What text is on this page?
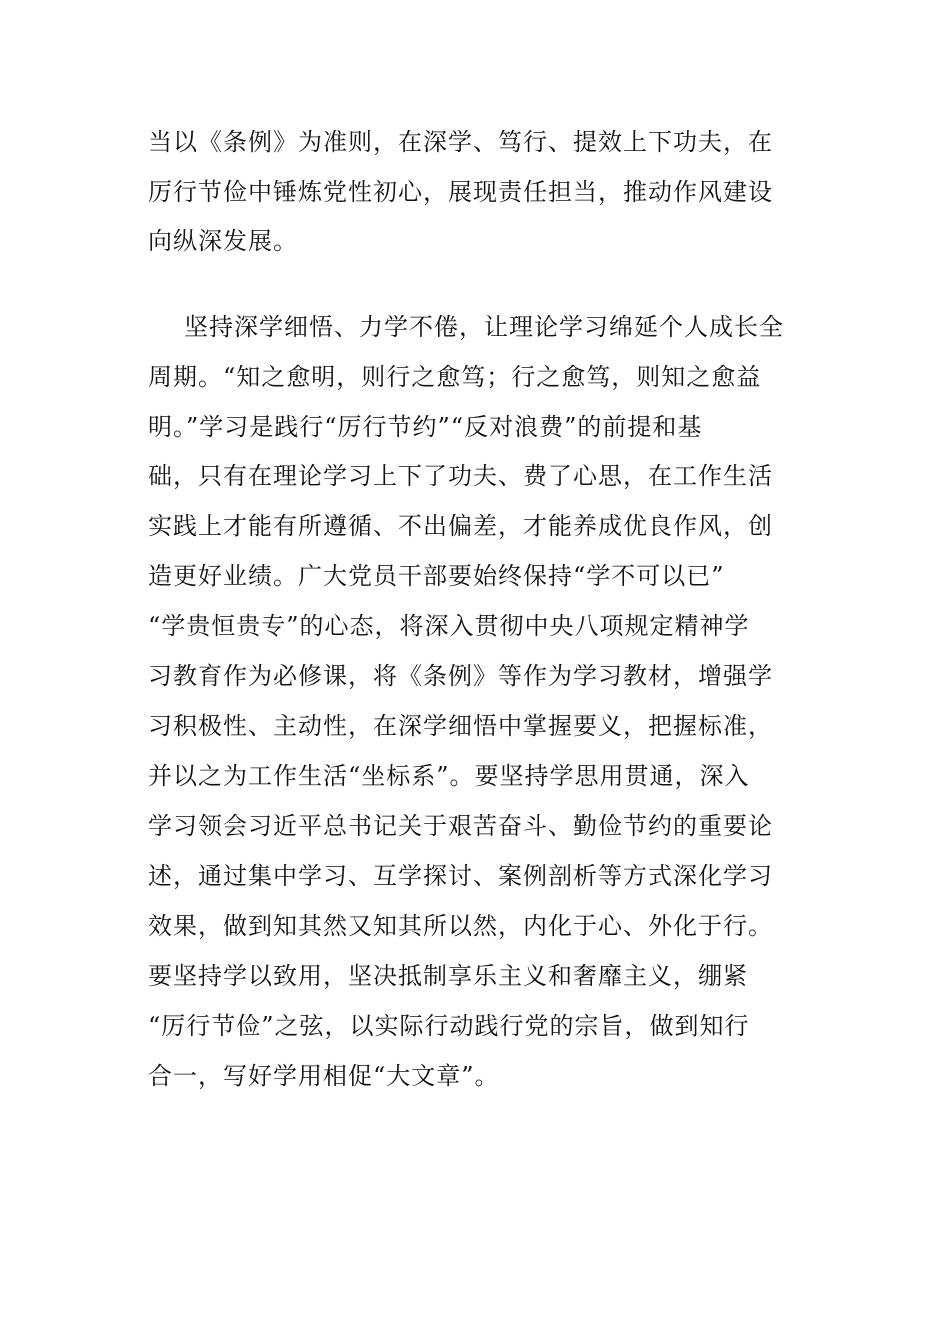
当以《条例》为准则，在深学、笃行、提效上下功夫，在
厉行节俭中锤炼党性初心，展现责任担当，推动作风建设
向纵深发展。
坚持深学细悟、力学不倦，让理论学习绵延个人成长全
周期。“知之愈明，则行之愈笃；行之愈笃，则知之愈益
明。”学习是践行“厉行节约”“反对浪费”的前提和基
础，只有在理论学习上下了功夫、费了心思，在工作生活
实践上才能有所遵循、不出偏差，才能养成优良作风，创
造更好业绩。广大党员干部要始终保持“学不可以已”
“学贵恒贵专”的心态，将深入贯彻中央八项规定精神学
习教育作为必修课，将《条例》等作为学习教材，增强学
习积极性、主动性，在深学细悟中掌握要义，把握标准，
并以之为工作生活“坐标系”。要坚持学思用贯通，深入
学习领会习近平总书记关于艰苦奋斗、勤俭节约的重要论
述，通过集中学习、互学探讨、案例剖析等方式深化学习
效果，做到知其然又知其所以然，内化于心、外化于行。
要坚持学以致用，坚决抵制享乐主义和奢靡主义，绷紧
“厉行节俭”之弦，以实际行动践行党的宗旨，做到知行
合一，写好学用相促“大文章”。
